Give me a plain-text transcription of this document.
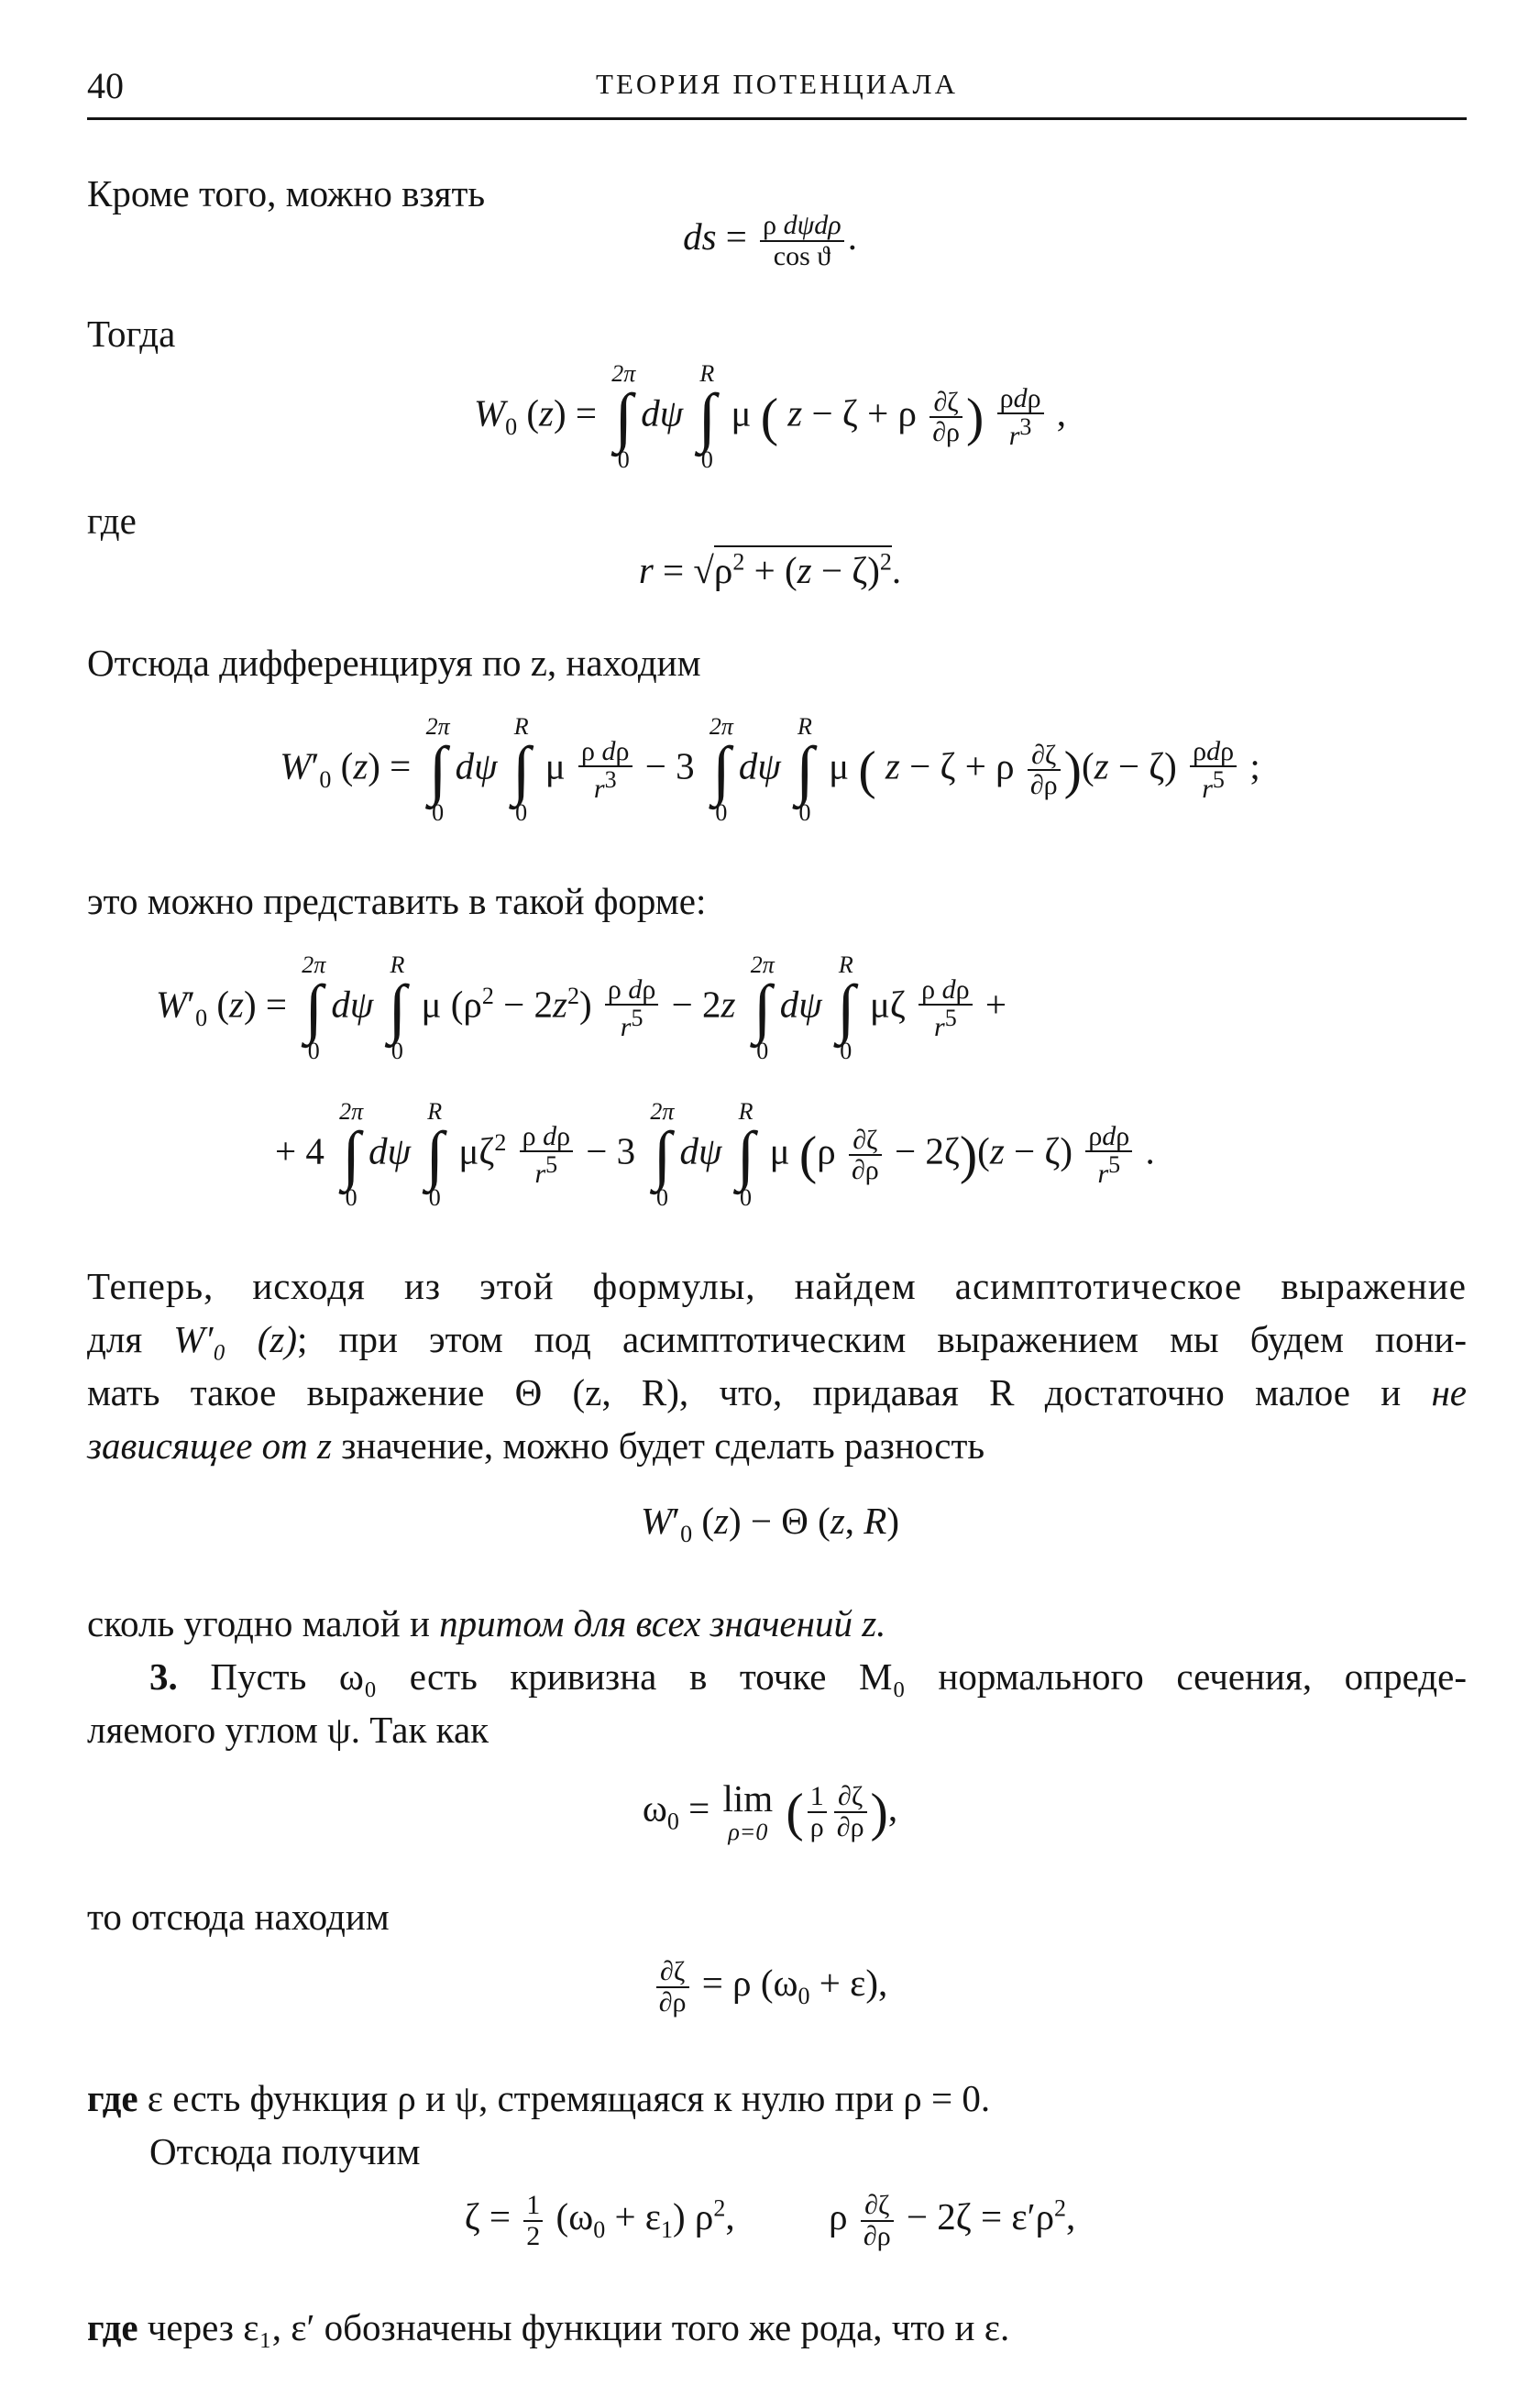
40	ТЕОРИЯ ПОТЕНЦИАЛА
Кроме того, можно взять
ds = ρ dψdρ
cos ϑ .
Тогда
$W_0$ (z) =
2π
∫
0
dψ
R
∫
0
μ ( z − ζ + ρ $\frac{\partial\zeta}{\partial\rho}$ ) ρdρ
$r^3$ ,
где
$r = √\rho^2 + (z - \zeta)^2$.
Отсюда дифференцируя по z, находим
$W'_0$ (z) =
2π
∫
0
dψ
R
∫
0
μ $\frac{\text{ρ dρ}}{r^3} - 3$
2π
∫
0
dψ
R
∫
0
μ ( z − ζ + ρ $\frac{\partial\zeta}{\partial\rho} )(z - \zeta)$ ρdρ
$r^5$ ;
это можно представить в такой форме:
$W'_0$ (z) =
2π
∫
0
dψ
R
∫
0
μ $(\rho^2 - 2z^2) \frac{\text{ρ dρ}}{r^5} - 2z$
2π
∫
0
dψ
R
∫
0
μζ $\frac{\text{ρ dρ}}{r^5}$ +
+ 4
2π
∫
0
dψ
R
∫
0
$\mu\zeta^2 \frac{\text{ρ dρ}}{r^5} - 3$
2π
∫
0
dψ
R
∫
0
μ $(\rho \frac{\partial\zeta}{\partial\rho} - 2\zeta)(z - \zeta)$ ρdρ
$r^5$ .
Теперь, исходя из этой формулы, найдем асимптотическое выражение
для W′₀ (z); при этом под асимптотическим выражением мы будем пони-
мать такое выражение Θ (z, R), что, придавая R достаточно малое и не
зависящее от z значение, можно будет сделать разность
$W'_0$ (z) − Θ (z, R)
сколь угодно малой и притом для всех значений z.
3. Пусть ω₀ есть кривизна в точке M₀ нормального сечения, опреде-
ляемого углом ψ. Так как
$\omega_0 = \lim$
ρ=0 ( $\frac{1}{\rho} \frac{\partial\zeta}{\partial\rho}$ ),
то отсюда находим
$\frac{\partial\zeta}{\partial\rho} = \rho$ $(\omega_0 + \varepsilon)$,
где ε есть функция ρ и ψ, стремящаяся к нулю при ρ = 0.
Отсюда получим
$\zeta = \frac{1}{2} (\omega_0 + \varepsilon_1)$ $\rho^2$,          ρ $\frac{\partial\zeta}{\partial\rho} - 2\zeta = \varepsilon'\rho^2$,
где через ε₁, ε′ обозначены функции того же рода, что и ε.
